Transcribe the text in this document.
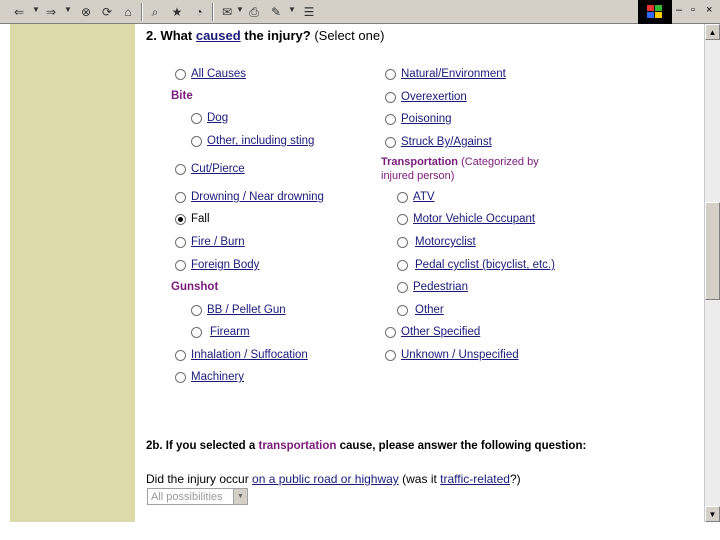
⇐ ▼ ⇒ ▼ ⊗ ⟳	⌂	⌕	★	◔	✉ ▼ ⎙	✎ ▼ ☰	– ▫ ×
2. What caused the injury? (Select one)
All Causes
Bite
Dog
Other, including sting
Cut/Pierce
Drowning / Near drowning
Fall
Fire / Burn
Foreign Body
Gunshot
BB / Pellet Gun
Firearm
Inhalation / Suffocation
Machinery
Natural/Environment
Overexertion
Poisoning
Struck By/Against
Transportation (Categorized by
injured person)
ATV
Motor Vehicle Occupant
Motorcyclist
Pedal cyclist (bicyclist, etc.)
Pedestrian
Other
Other Specified
Unknown / Unspecified
2b. If you selected a transportation cause, please answer the following question:
Did the injury occur on a public road or highway (was it traffic-related?)
All possibilities	▼
▲
▼
